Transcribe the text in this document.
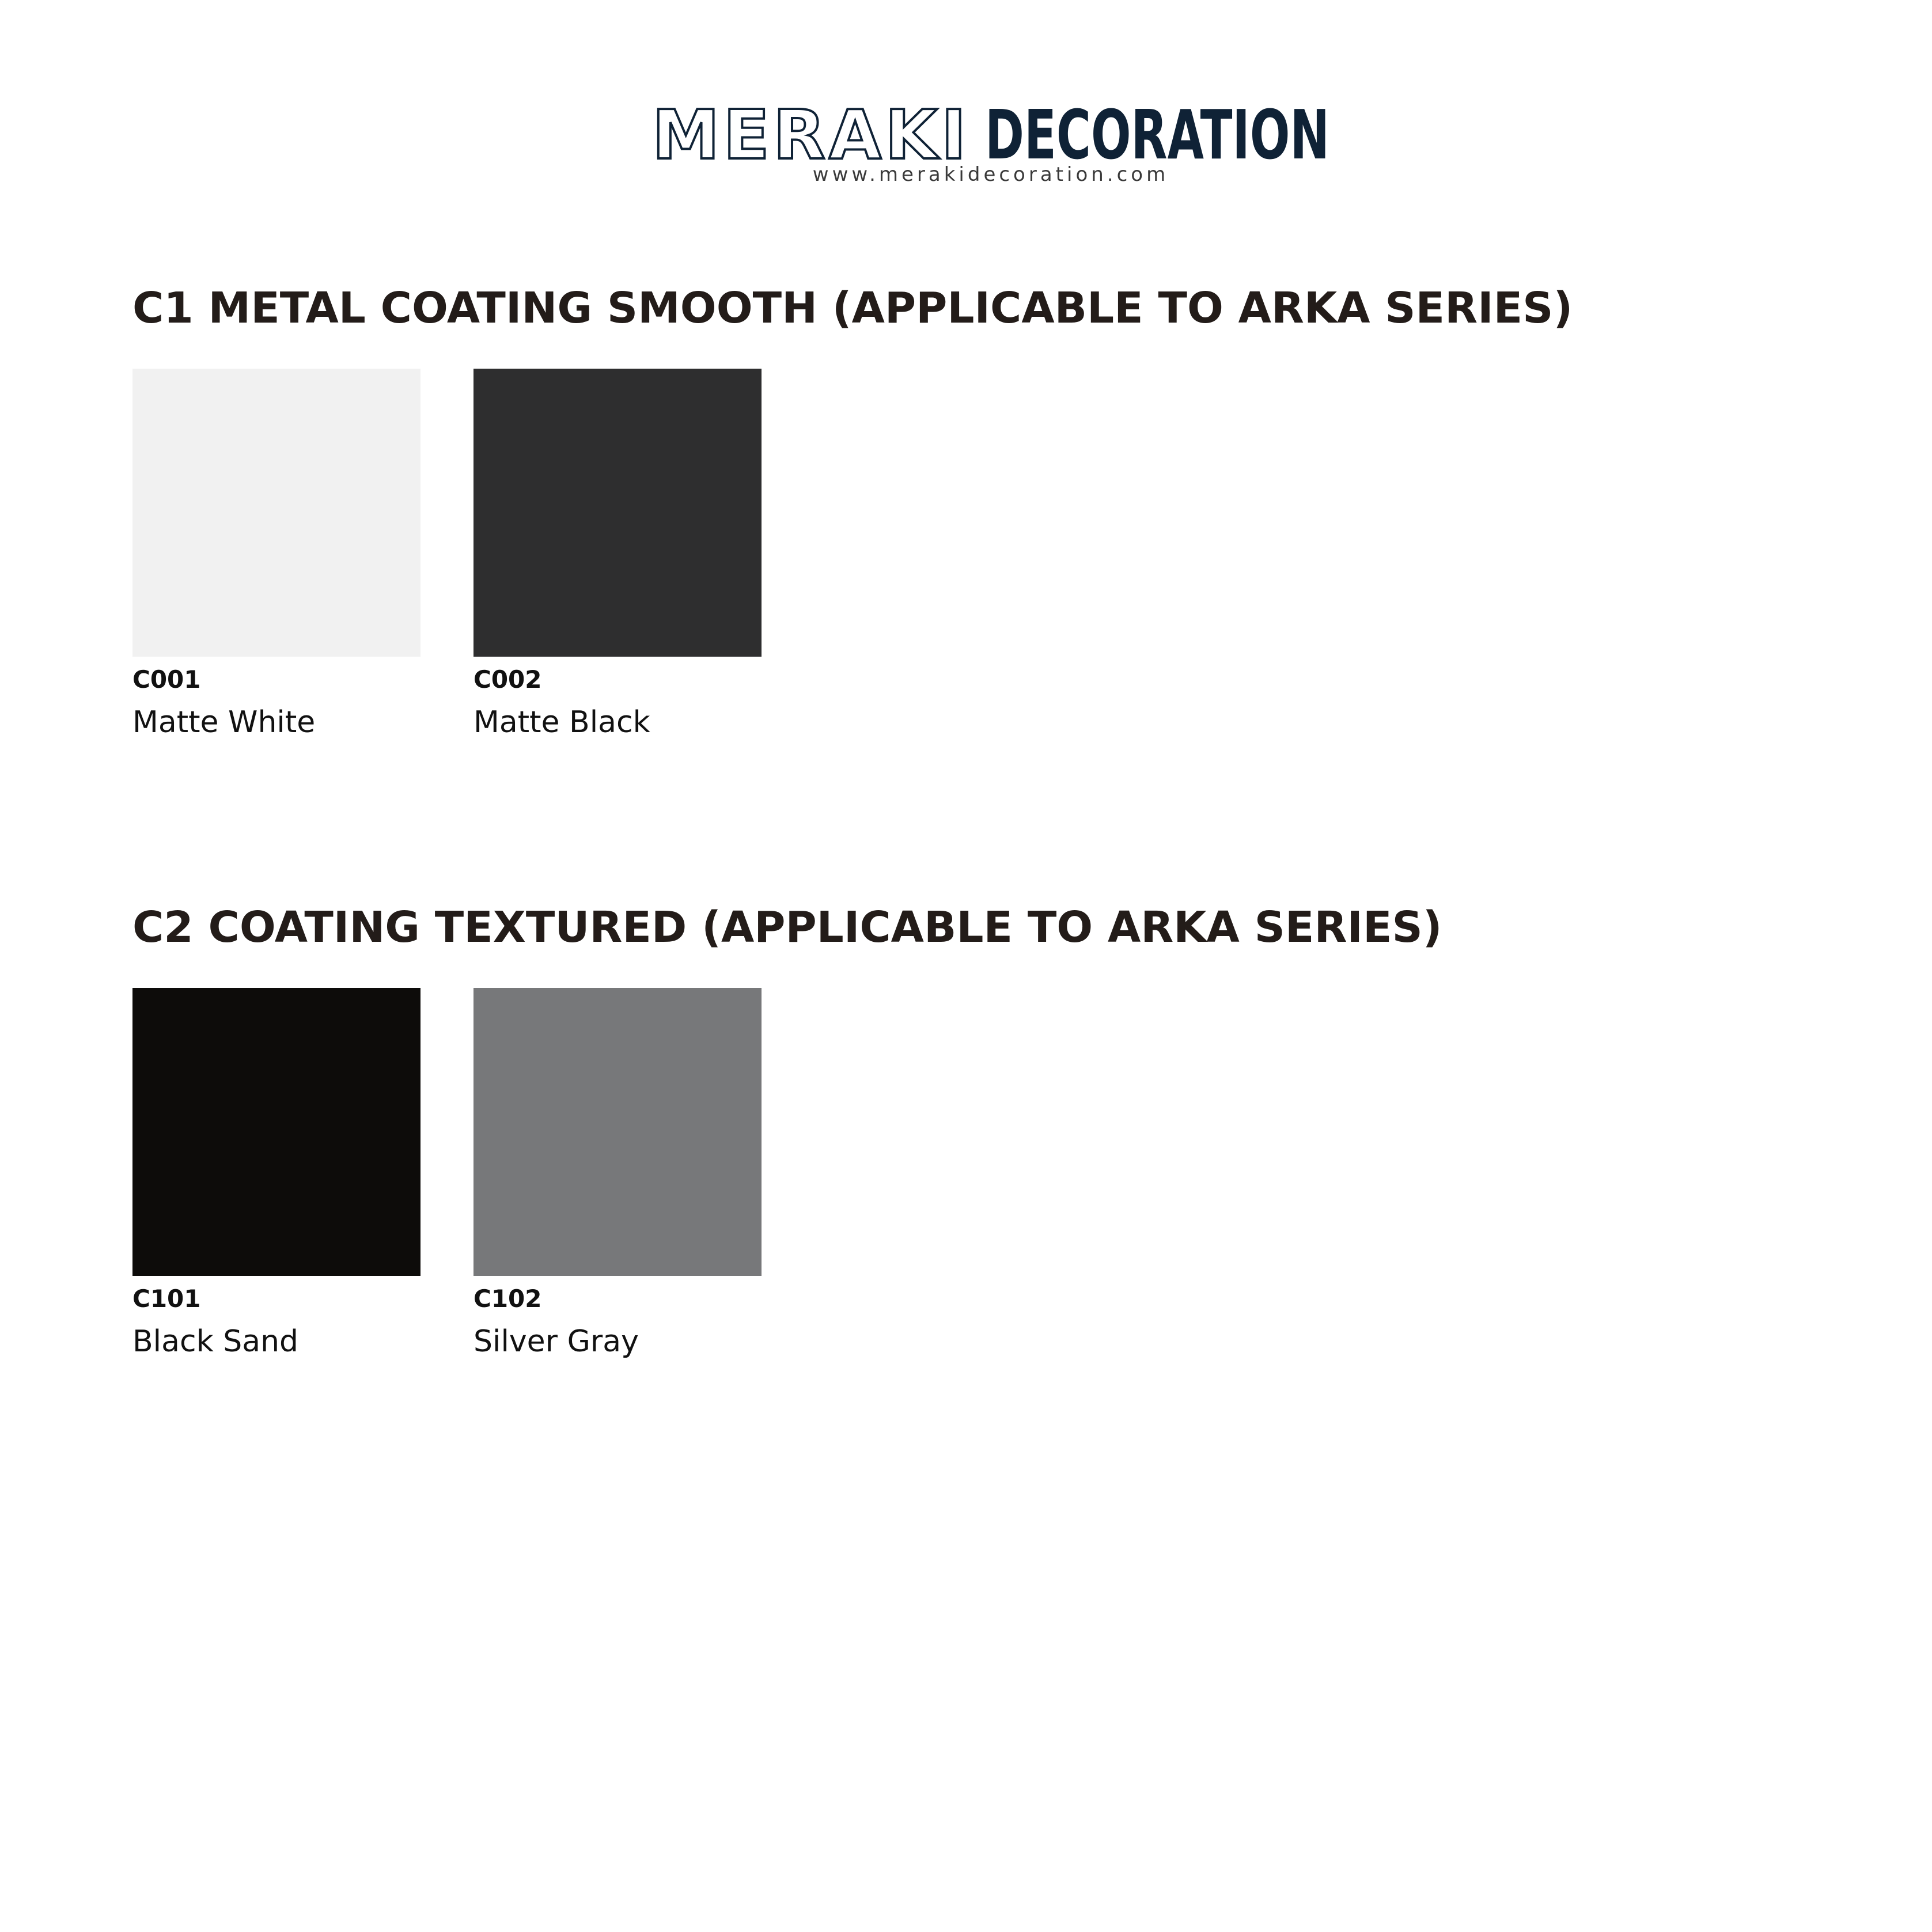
MERAKI DECORATION
www.merakidecoration.com
C1 METAL COATING SMOOTH (APPLICABLE TO ARKA SERIES)
C001
Matte White
C002
Matte Black
C2 COATING TEXTURED (APPLICABLE TO ARKA SERIES)
C101
Black Sand
C102
Silver Gray
